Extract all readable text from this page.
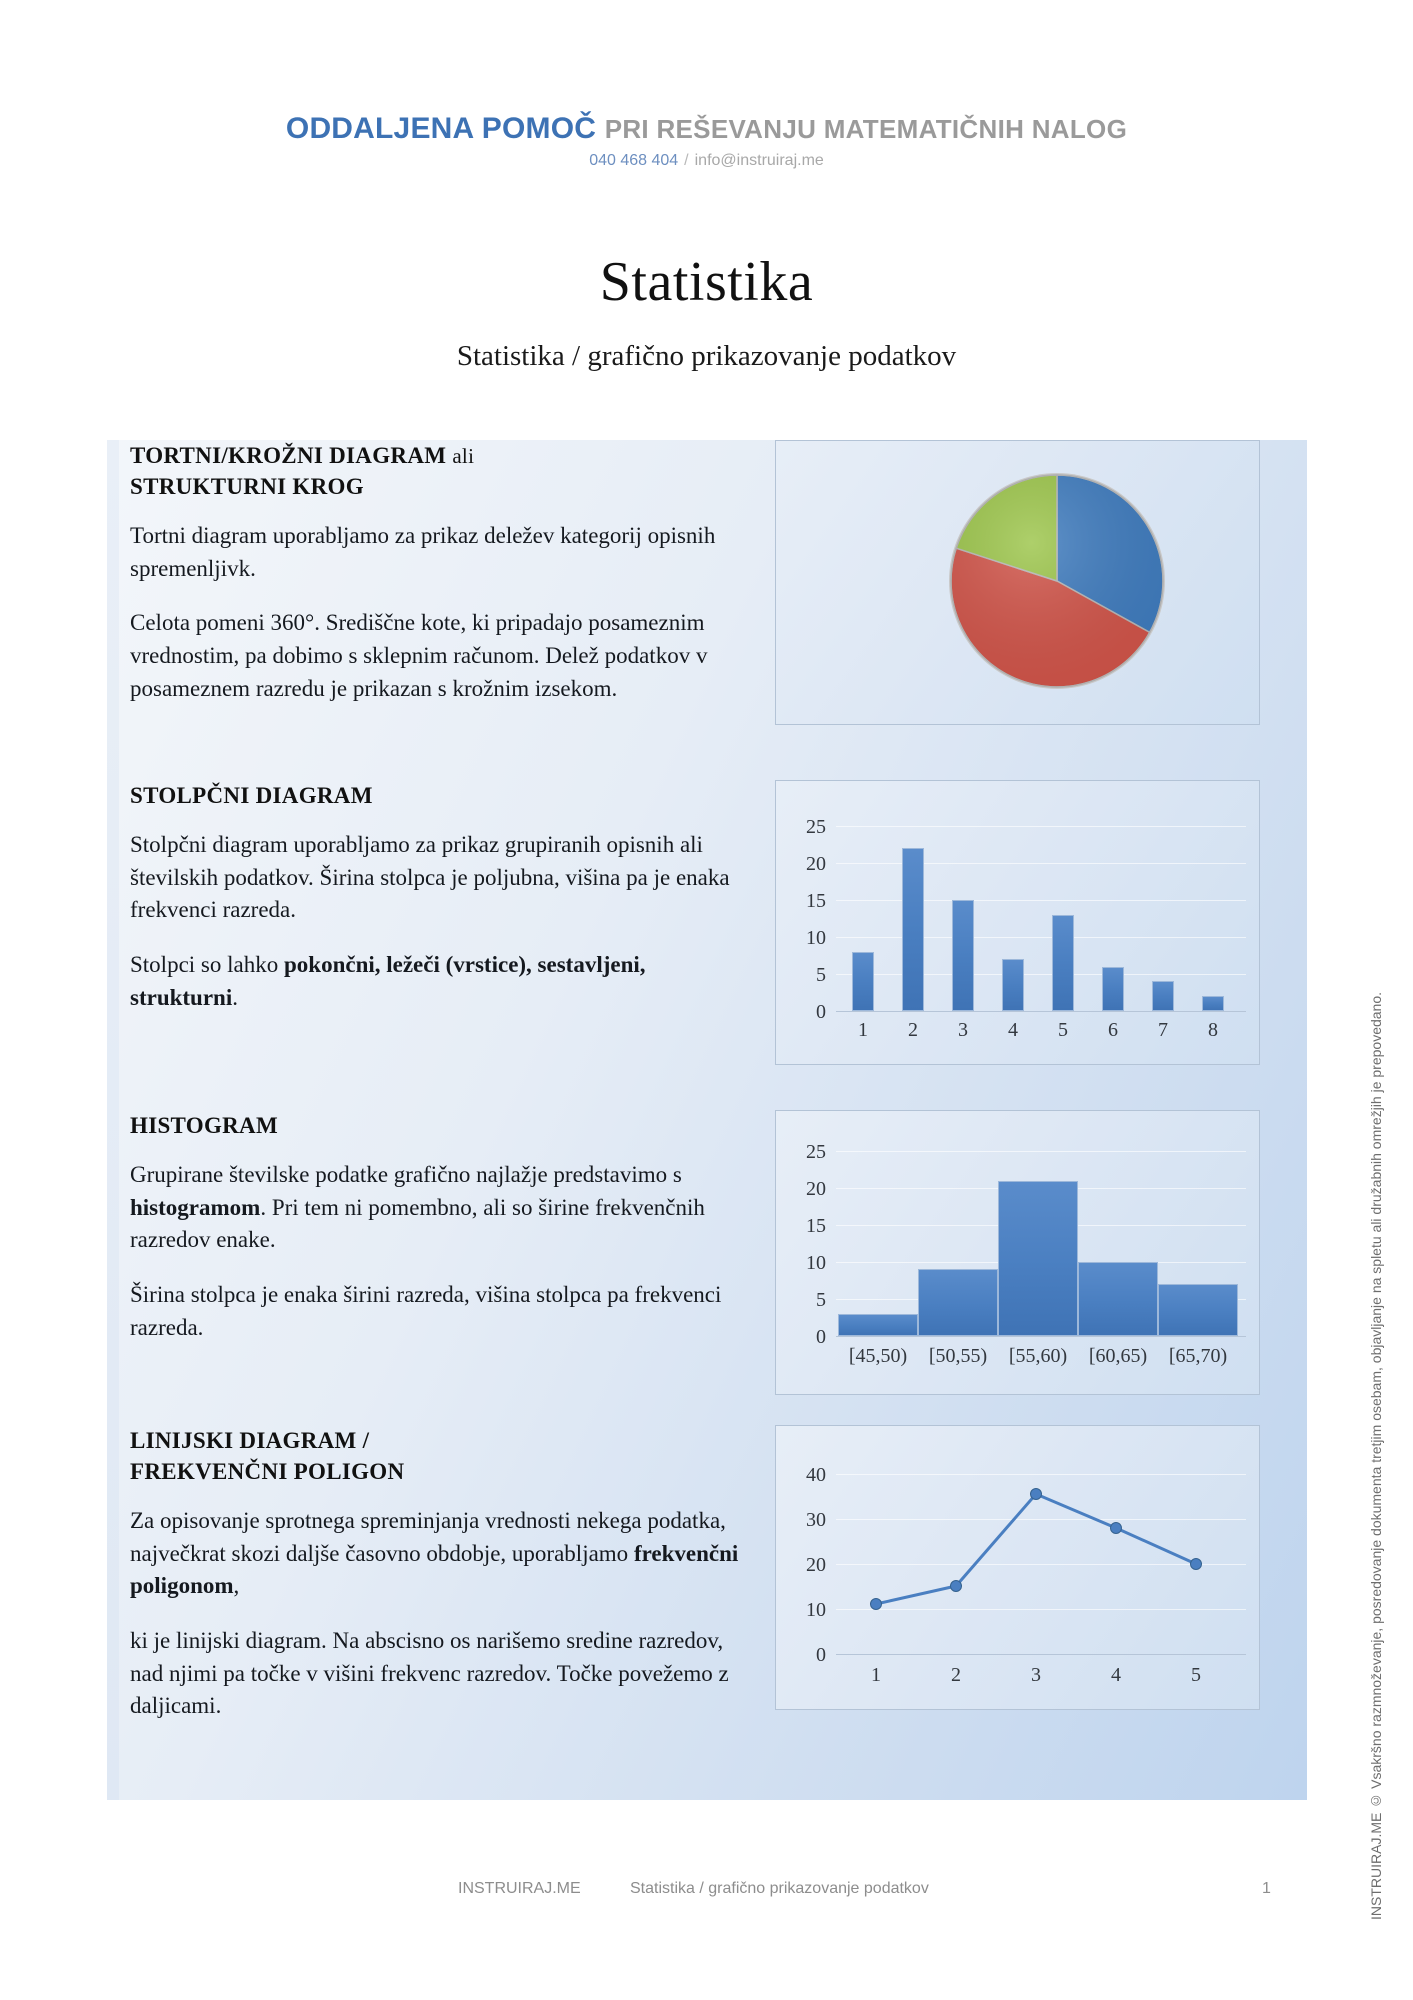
ODDALJENA POMOČ PRI REŠEVANJU MATEMATIČNIH NALOG
040 468 404 / info@instruiraj.me
Statistika
Statistika / grafično prikazovanje podatkov
TORTNI/KROŽNI DIAGRAM ali
STRUKTURNI KROG

Tortni diagram uporabljamo za prikaz deležev kategorij opisnih spremenljivk.

Celota pomeni 360°. Središčne kote, ki pripadajo posameznim vrednostim, pa dobimo s sklepnim računom. Delež podatkov v posameznem razredu je prikazan s krožnim izsekom.

STOLPČNI DIAGRAM

Stolpčni diagram uporabljamo za prikaz grupiranih opisnih ali številskih podatkov. Širina stolpca je poljubna, višina pa je enaka frekvenci razreda.

Stolpci so lahko pokončni, ležeči (vrstice), sestavljeni, strukturni.

25
20
15
10
5
0
1	2	3	4	5	6	7	8
HISTOGRAM

Grupirane številske podatke grafično najlažje predstavimo s histogramom. Pri tem ni pomembno, ali so širine frekvenčnih razredov enake.

Širina stolpca je enaka širini razreda, višina stolpca pa frekvenci razreda.

25
20
15
10
5
0
[45,50)	[50,55)	[55,60)	[60,65)	[65,70)
LINIJSKI DIAGRAM /
FREKVENČNI POLIGON

Za opisovanje sprotnega spreminjanja vrednosti nekega podatka, največkrat skozi daljše časovno obdobje, uporabljamo frekvenčni poligonom,

ki je linijski diagram. Na abscisno os narišemo sredine razredov, nad njimi pa točke v višini frekvenc razredov. Točke povežemo z daljicami.

40
30
20
10
0
1	2	3	4	5	INSTRUIRAJ.ME © Vsakršno razmnoževanje, posredovanje dokumenta tretjim osebam, objavljanje na spletu ali družabnih omrežjih je prepovedano.
INSTRUIRAJ.ME	Statistika / grafično prikazovanje podatkov	1
